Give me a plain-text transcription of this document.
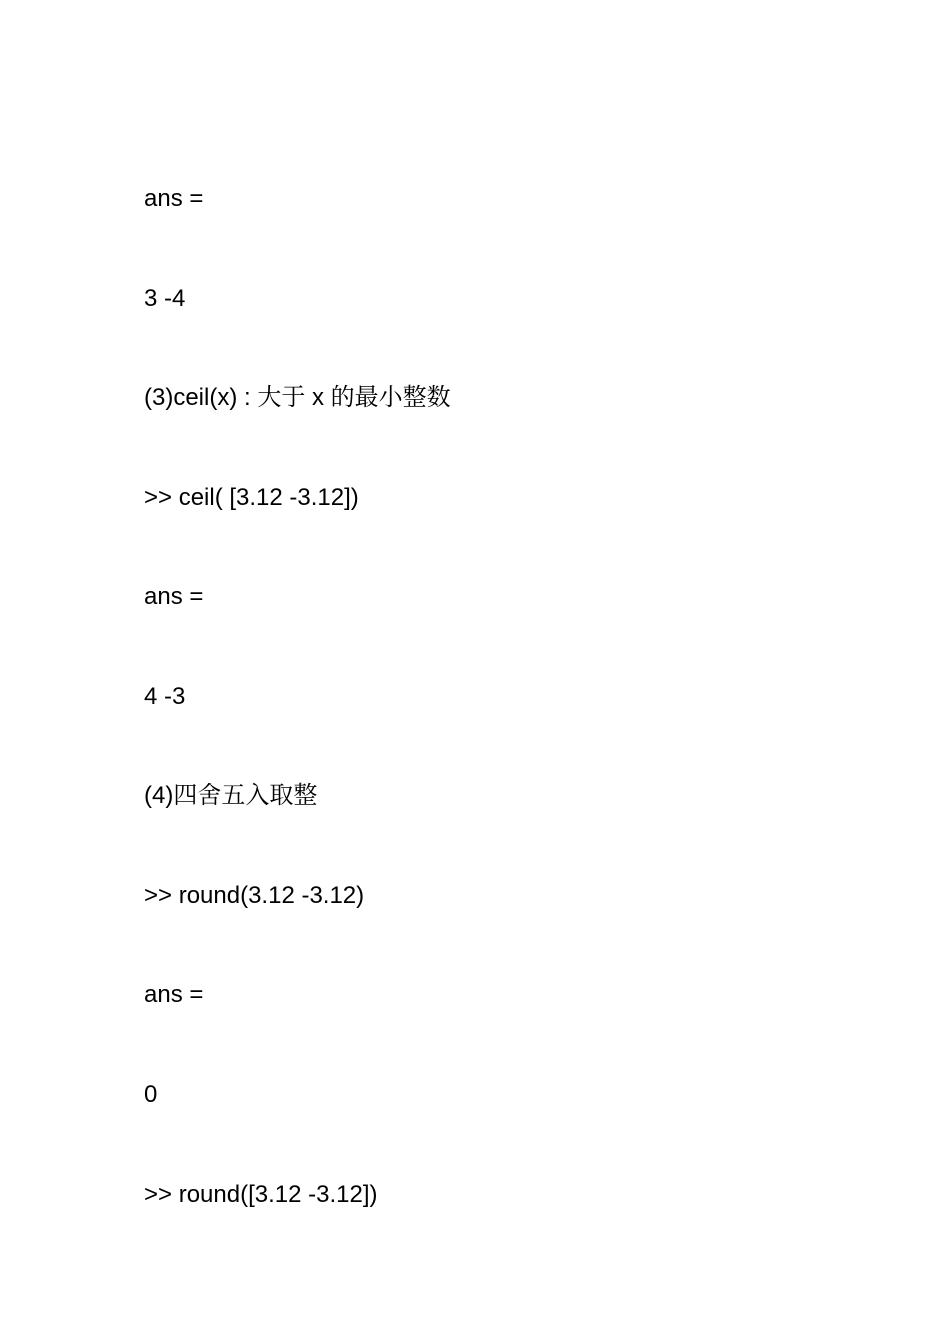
ans =
3 -4
(3)ceil(x) : 大于 x 的最小整数
>> ceil( [3.12 -3.12])
ans =
4 -3
(4)四舍五入取整
>> round(3.12 -3.12)
ans =
0
>> round([3.12 -3.12])
